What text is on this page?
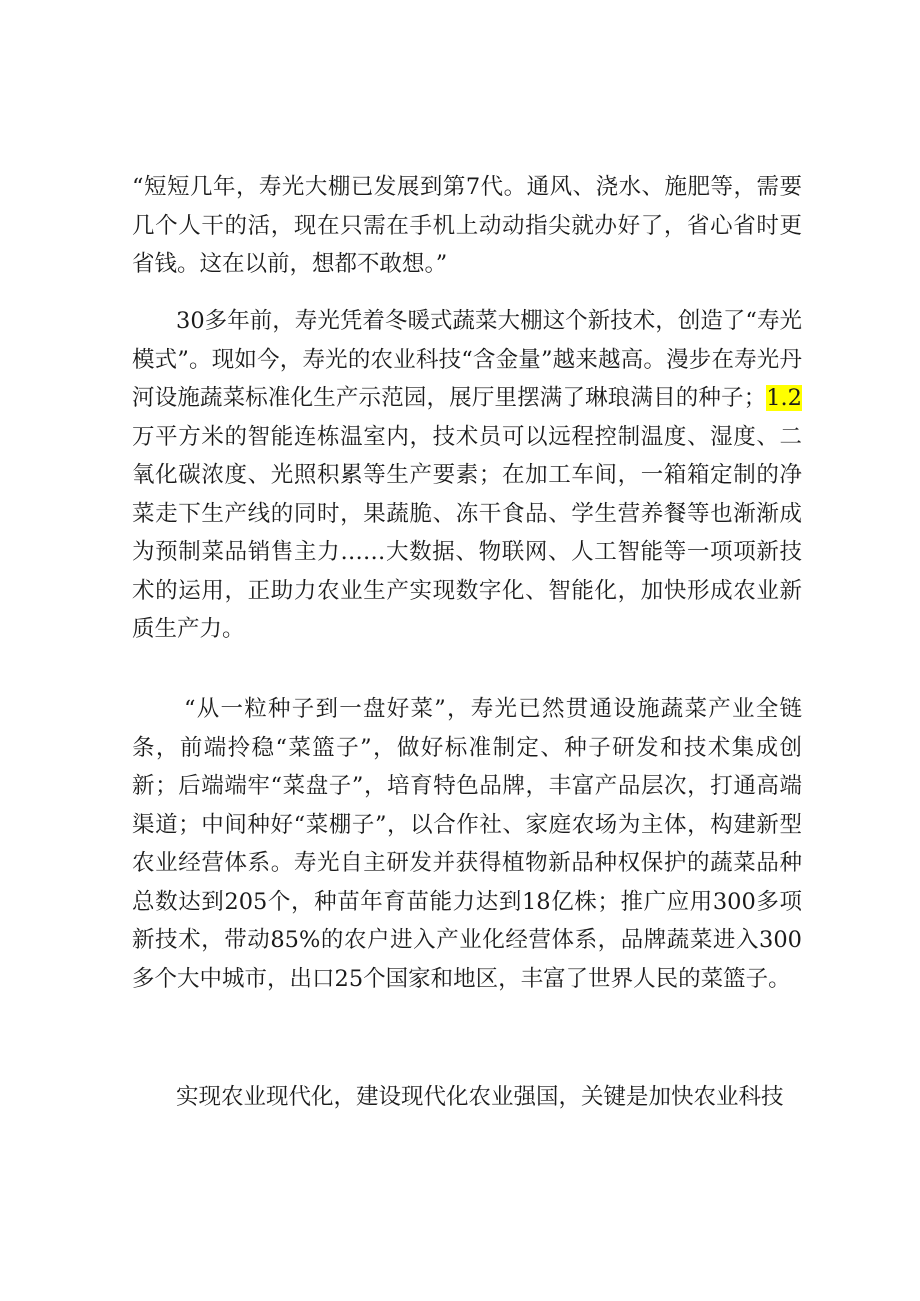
“短短几年，寿光大棚已发展到第7代。通风、浇水、施肥等，需要几个人干的活，现在只需在手机上动动指尖就办好了，省心省时更省钱。这在以前，想都不敢想。”

30多年前，寿光凭着冬暖式蔬菜大棚这个新技术，创造了“寿光模式”。现如今，寿光的农业科技“含金量”越来越高。漫步在寿光丹河设施蔬菜标准化生产示范园，展厅里摆满了琳琅满目的种子；1.2万平方米的智能连栋温室内，技术员可以远程控制温度、湿度、二氧化碳浓度、光照积累等生产要素；在加工车间，一箱箱定制的净菜走下生产线的同时，果蔬脆、冻干食品、学生营养餐等也渐渐成为预制菜品销售主力……大数据、物联网、人工智能等一项项新技术的运用，正助力农业生产实现数字化、智能化，加快形成农业新质生产力。

“从一粒种子到一盘好菜”，寿光已然贯通设施蔬菜产业全链条，前端拎稳“菜篮子”，做好标准制定、种子研发和技术集成创新；后端端牢“菜盘子”，培育特色品牌，丰富产品层次，打通高端渠道；中间种好“菜棚子”，以合作社、家庭农场为主体，构建新型农业经营体系。寿光自主研发并获得植物新品种权保护的蔬菜品种总数达到205个，种苗年育苗能力达到18亿株；推广应用300多项新技术，带动85%的农户进入产业化经营体系，品牌蔬菜进入300多个大中城市，出口25个国家和地区，丰富了世界人民的菜篮子。

实现农业现代化，建设现代化农业强国，关键是加快农业科技
